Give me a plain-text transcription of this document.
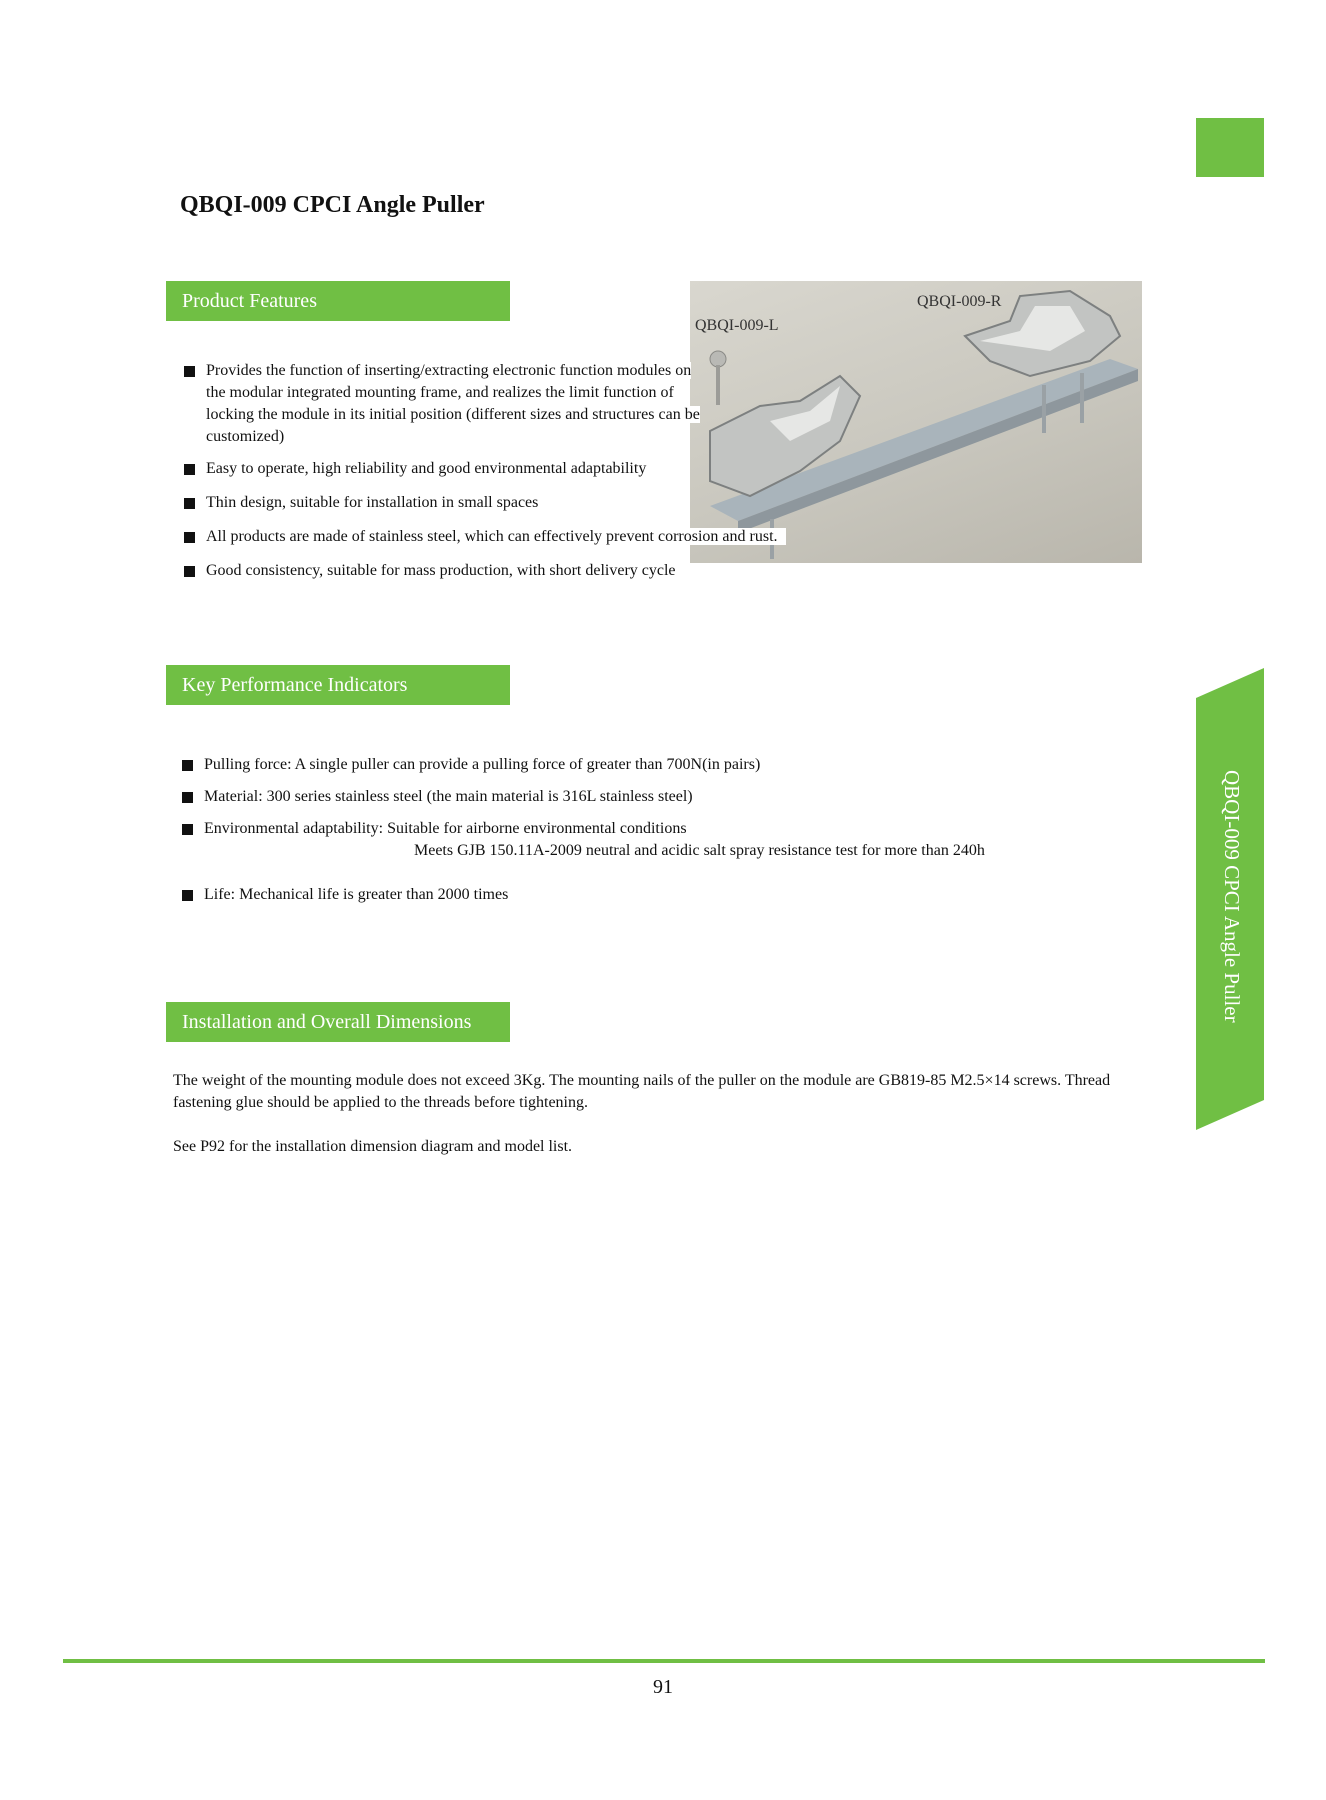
QBQI-009 CPCI Angle Puller
Product Features	QBQI-009-R
QBQI-009-L
Provides the function of inserting/extracting electronic function modules on the modular integrated mounting frame, and realizes the limit function of locking the module in its initial position (different sizes and structures can be customized)
Easy to operate, high reliability and good environmental adaptability
Thin design, suitable for installation in small spaces
All products are made of stainless steel, which can effectively prevent corrosion and rust.
Good consistency, suitable for mass production, with short delivery cycle
Key Performance Indicators
Pulling force: A single puller can provide a pulling force of greater than 700N(in pairs)
Material: 300 series stainless steel (the main material is 316L stainless steel)
Environmental adaptability: Suitable for airborne environmental conditions
Meets GJB 150.11A-2009 neutral and acidic salt spray resistance test for more than 240h
Life: Mechanical life is greater than 2000 times
Installation and Overall Dimensions
The weight of the mounting module does not exceed 3Kg. The mounting nails of the puller on the module are GB819-85 M2.5×14 screws. Thread fastening glue should be applied to the threads before tightening.
See P92 for the installation dimension diagram and model list.
QBQI-009 CPCI Angle Puller
91
